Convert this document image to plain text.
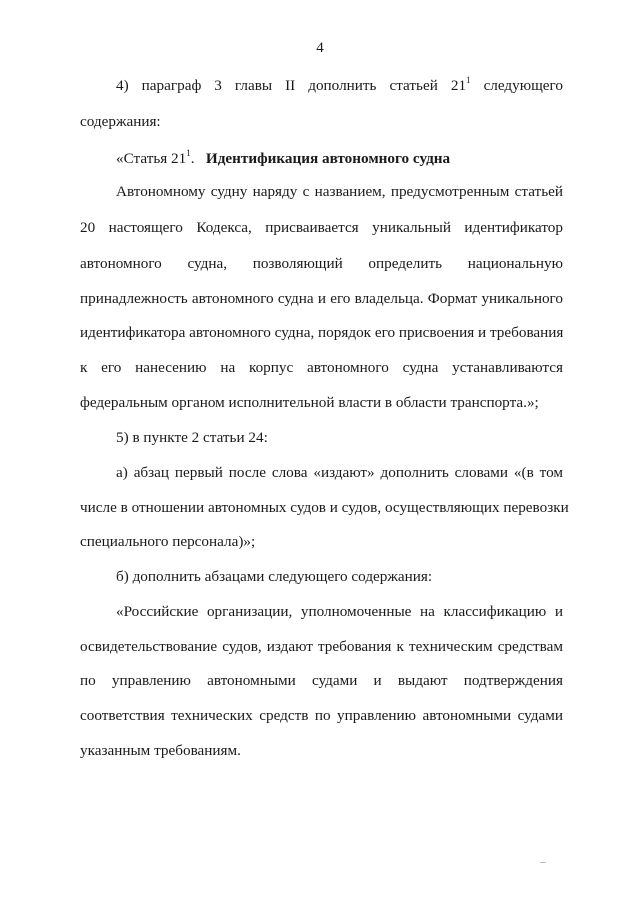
4
4) параграф 3 главы II дополнить статьей $21^1$ следующего
содержания:
«Статья $21^1$. Идентификация автономного судна
Автономному судну наряду с названием, предусмотренным статьей
20 настоящего Кодекса, присваивается уникальный идентификатор
автономного судна, позволяющий определить национальную
принадлежность автономного судна и его владельца. Формат уникального
идентификатора автономного судна, порядок его присвоения и требования
к его нанесению на корпус автономного судна устанавливаются
федеральным органом исполнительной власти в области транспорта.»;
5) в пункте 2 статьи 24:
а) абзац первый после слова «издают» дополнить словами «(в том
числе в отношении автономных судов и судов, осуществляющих перевозки
специального персонала)»;
б) дополнить абзацами следующего содержания:
«Российские организации, уполномоченные на классификацию и
освидетельствование судов, издают требования к техническим средствам
по управлению автономными судами и выдают подтверждения
соответствия технических средств по управлению автономными судами
указанным требованиям.
